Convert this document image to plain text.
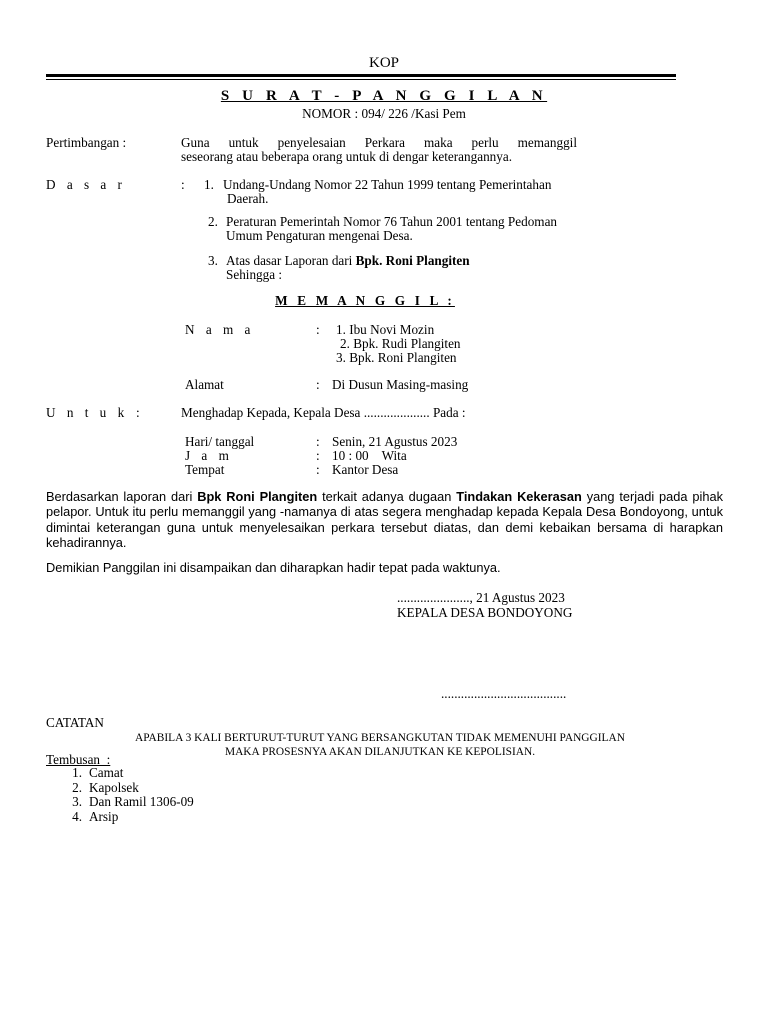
KOP
S U R A T - P A N G G I L A N
NOMOR : 094/ 226 /Kasi Pem
Pertimbangan :	Guna untuk penyelesaian Perkara maka perlu memanggil
seseorang atau beberapa orang untuk di dengar keterangannya.
D a s a r	: 1. Undang-Undang Nomor 22 Tahun 1999 tentang Pemerintahan
Daerah.
2. Peraturan Pemerintah Nomor 76 Tahun 2001 tentang Pedoman
Umum Pengaturan mengenai Desa.
3. Atas dasar Laporan dari Bpk. Roni Plangiten
Sehingga :
M E M A N G G I L :
N a m a	: 1. Ibu Novi Mozin
2. Bpk. Rudi Plangiten
3. Bpk. Roni Plangiten
Alamat	: Di Dusun Masing-masing
U n t u k :	Menghadap Kepada, Kepala Desa .................... Pada :
Hari/ tanggal	: Senin, 21 Agustus 2023
J a m	: 10 : 00    Wita
Tempat	: Kantor Desa
Berdasarkan laporan dari Bpk Roni Plangiten terkait adanya dugaan Tindakan Kekerasan yang terjadi pada pihak pelapor. Untuk itu perlu memanggil yang -namanya di atas segera menghadap kepada Kepala Desa Bondoyong, untuk dimintai keterangan guna untuk menyelesaikan perkara tersebut diatas, dan demi kebaikan bersama di harapkan kehadirannya.
Demikian Panggilan ini disampaikan dan diharapkan hadir tepat pada waktunya.
......................, 21 Agustus 2023
KEPALA DESA BONDOYONG
......................................
CATATAN
APABILA 3 KALI BERTURUT-TURUT YANG BERSANGKUTAN TIDAK MEMENUHI PANGGILAN MAKA PROSESNYA AKAN DILANJUTKAN KE KEPOLISIAN.
Tembusan  :
1. Camat
2. Kapolsek
3. Dan Ramil 1306-09
4. Arsip
